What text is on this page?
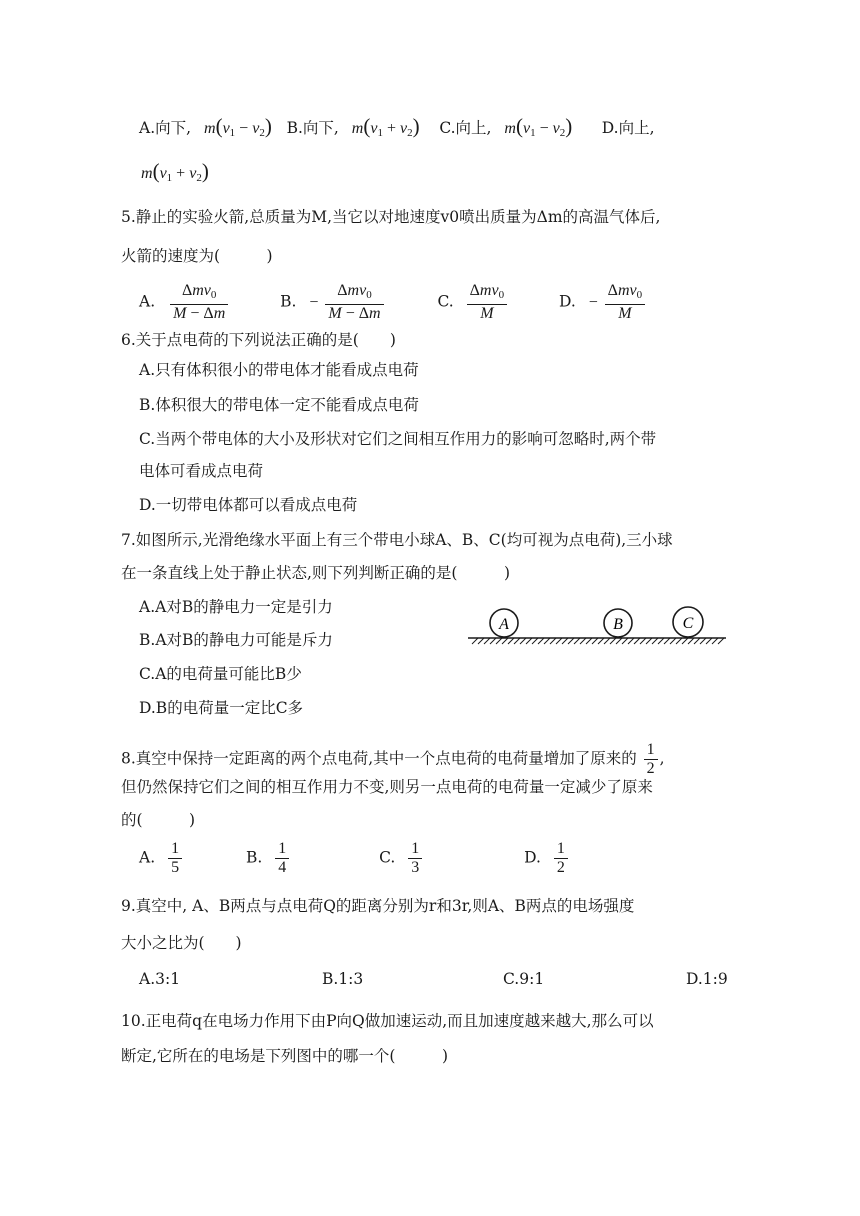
A.向下, $m(v_1 - v_2)$ B.向下, $m(v_1 + v_2)$ C.向上, $m(v_1 - v_2)$ D.向上,
$m(v_1 + v_2)$
5.静止的实验火箭,总质量为M,当它以对地速度v0喷出质量为Δm的高温气体后,
火箭的速度为(　　　)
A. $\frac{\Delta mv_0}{M - \Delta m}$	B. − $\frac{\Delta mv_0}{M - \Delta m}$	C. $\frac{\Delta mv_0}{M}$	D. − $\frac{\Delta mv_0}{M}$
6.关于点电荷的下列说法正确的是(　　)
A.只有体积很小的带电体才能看成点电荷
B.体积很大的带电体一定不能看成点电荷
C.当两个带电体的大小及形状对它们之间相互作用力的影响可忽略时,两个带
电体可看成点电荷
D.一切带电体都可以看成点电荷
7.如图所示,光滑绝缘水平面上有三个带电小球A、B、C(均可视为点电荷),三小球
在一条直线上处于静止状态,则下列判断正确的是(　　　)
A.A对B的静电力一定是引力
B.A对B的静电力可能是斥力
C.A的电荷量可能比B少
D.B的电荷量一定比C多
A	B	C
8.真空中保持一定距离的两个点电荷,其中一个点电荷的电荷量增加了原来的 $\frac{1}{2}$ ,
但仍然保持它们之间的相互作用力不变,则另一点电荷的电荷量一定减少了原来
的(　　　)
A. $\frac{1}{5}$	B. $\frac{1}{4}$	C. $\frac{1}{3}$	D. $\frac{1}{2}$
9.真空中, A、B两点与点电荷Q的距离分别为r和3r,则A、B两点的电场强度
大小之比为(　　)
A.3:1	B.1:3	C.9:1	D.1:9
10.正电荷q在电场力作用下由P向Q做加速运动,而且加速度越来越大,那么可以
断定,它所在的电场是下列图中的哪一个(　　　)
